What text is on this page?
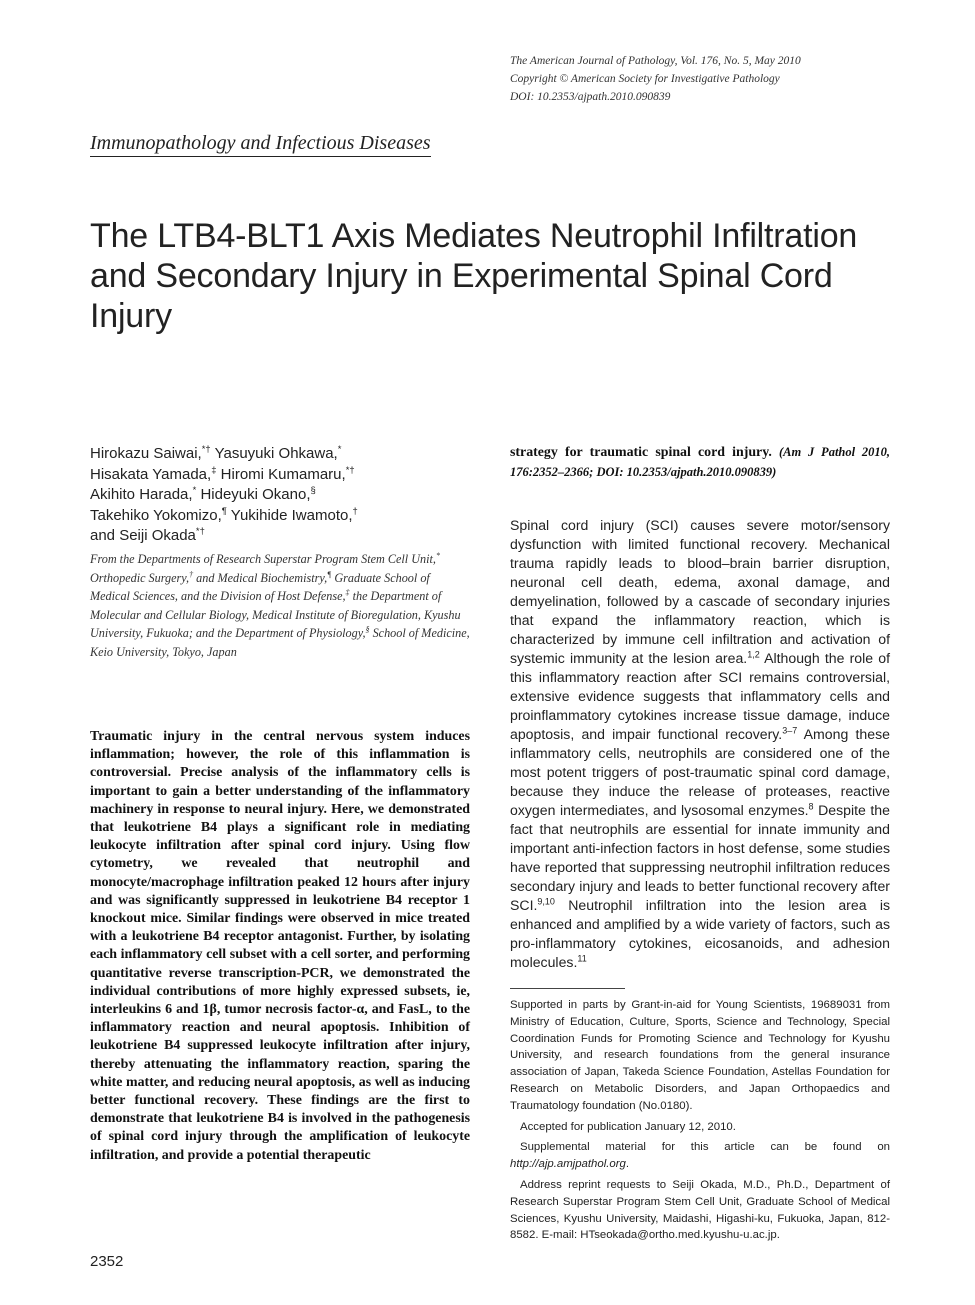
The American Journal of Pathology, Vol. 176, No. 5, May 2010
Copyright © American Society for Investigative Pathology
DOI: 10.2353/ajpath.2010.090839
Immunopathology and Infectious Diseases
The LTB4-BLT1 Axis Mediates Neutrophil Infiltration and Secondary Injury in Experimental Spinal Cord Injury
Hirokazu Saiwai,*† Yasuyuki Ohkawa,*
Hisakata Yamada,‡ Hiromi Kumamaru,*†
Akihito Harada,* Hideyuki Okano,§
Takehiko Yokomizo,¶ Yukihide Iwamoto,†
and Seiji Okada*†
From the Departments of Research Superstar Program Stem Cell Unit,* Orthopedic Surgery,† and Medical Biochemistry,¶ Graduate School of Medical Sciences, and the Division of Host Defense,‡ the Department of Molecular and Cellular Biology, Medical Institute of Bioregulation, Kyushu University, Fukuoka; and the Department of Physiology,§ School of Medicine, Keio University, Tokyo, Japan
Traumatic injury in the central nervous system induces inflammation; however, the role of this inflammation is controversial. Precise analysis of the inflammatory cells is important to gain a better understanding of the inflammatory machinery in response to neural injury. Here, we demonstrated that leukotriene B4 plays a significant role in mediating leukocyte infiltration after spinal cord injury. Using flow cytometry, we revealed that neutrophil and monocyte/macrophage infiltration peaked 12 hours after injury and was significantly suppressed in leukotriene B4 receptor 1 knockout mice. Similar findings were observed in mice treated with a leukotriene B4 receptor antagonist. Further, by isolating each inflammatory cell subset with a cell sorter, and performing quantitative reverse transcription-PCR, we demonstrated the individual contributions of more highly expressed subsets, ie, interleukins 6 and 1β, tumor necrosis factor-α, and FasL, to the inflammatory reaction and neural apoptosis. Inhibition of leukotriene B4 suppressed leukocyte infiltration after injury, thereby attenuating the inflammatory reaction, sparing the white matter, and reducing neural apoptosis, as well as inducing better functional recovery. These findings are the first to demonstrate that leukotriene B4 is involved in the pathogenesis of spinal cord injury through the amplification of leukocyte infiltration, and provide a potential therapeutic
strategy for traumatic spinal cord injury. (Am J Pathol 2010, 176:2352–2366; DOI: 10.2353/ajpath.2010.090839)
Spinal cord injury (SCI) causes severe motor/sensory dysfunction with limited functional recovery. Mechanical trauma rapidly leads to blood–brain barrier disruption, neuronal cell death, edema, axonal damage, and demyelination, followed by a cascade of secondary injuries that expand the inflammatory reaction, which is characterized by immune cell infiltration and activation of systemic immunity at the lesion area.$^{1,2}$ Although the role of this inflammatory reaction after SCI remains controversial, extensive evidence suggests that inflammatory cells and proinflammatory cytokines increase tissue damage, induce apoptosis, and impair functional recovery.$^{3-7}$ Among these inflammatory cells, neutrophils are considered one of the most potent triggers of post-traumatic spinal cord damage, because they induce the release of proteases, reactive oxygen intermediates, and lysosomal enzymes.$^8$ Despite the fact that neutrophils are essential for innate immunity and important anti-infection factors in host defense, some studies have reported that suppressing neutrophil infiltration reduces secondary injury and leads to better functional recovery after SCI.$^{9,10}$ Neutrophil infiltration into the lesion area is enhanced and amplified by a wide variety of factors, such as pro-inflammatory cytokines, eicosanoids, and adhesion molecules.$^{11}$

Supported in parts by Grant-in-aid for Young Scientists, 19689031 from Ministry of Education, Culture, Sports, Science and Technology, Special Coordination Funds for Promoting Science and Technology for Kyushu University, and research foundations from the general insurance association of Japan, Takeda Science Foundation, Astellas Foundation for Research on Metabolic Disorders, and Japan Orthopaedics and Traumatology foundation (No.0180).

Accepted for publication January 12, 2010.

Supplemental material for this article can be found on http://ajp.amjpathol.org.

Address reprint requests to Seiji Okada, M.D., Ph.D., Department of Research Superstar Program Stem Cell Unit, Graduate School of Medical Sciences, Kyushu University, Maidashi, Higashi-ku, Fukuoka, Japan, 812-8582. E-mail: HTseokada@ortho.med.kyushu-u.ac.jp.

2352
